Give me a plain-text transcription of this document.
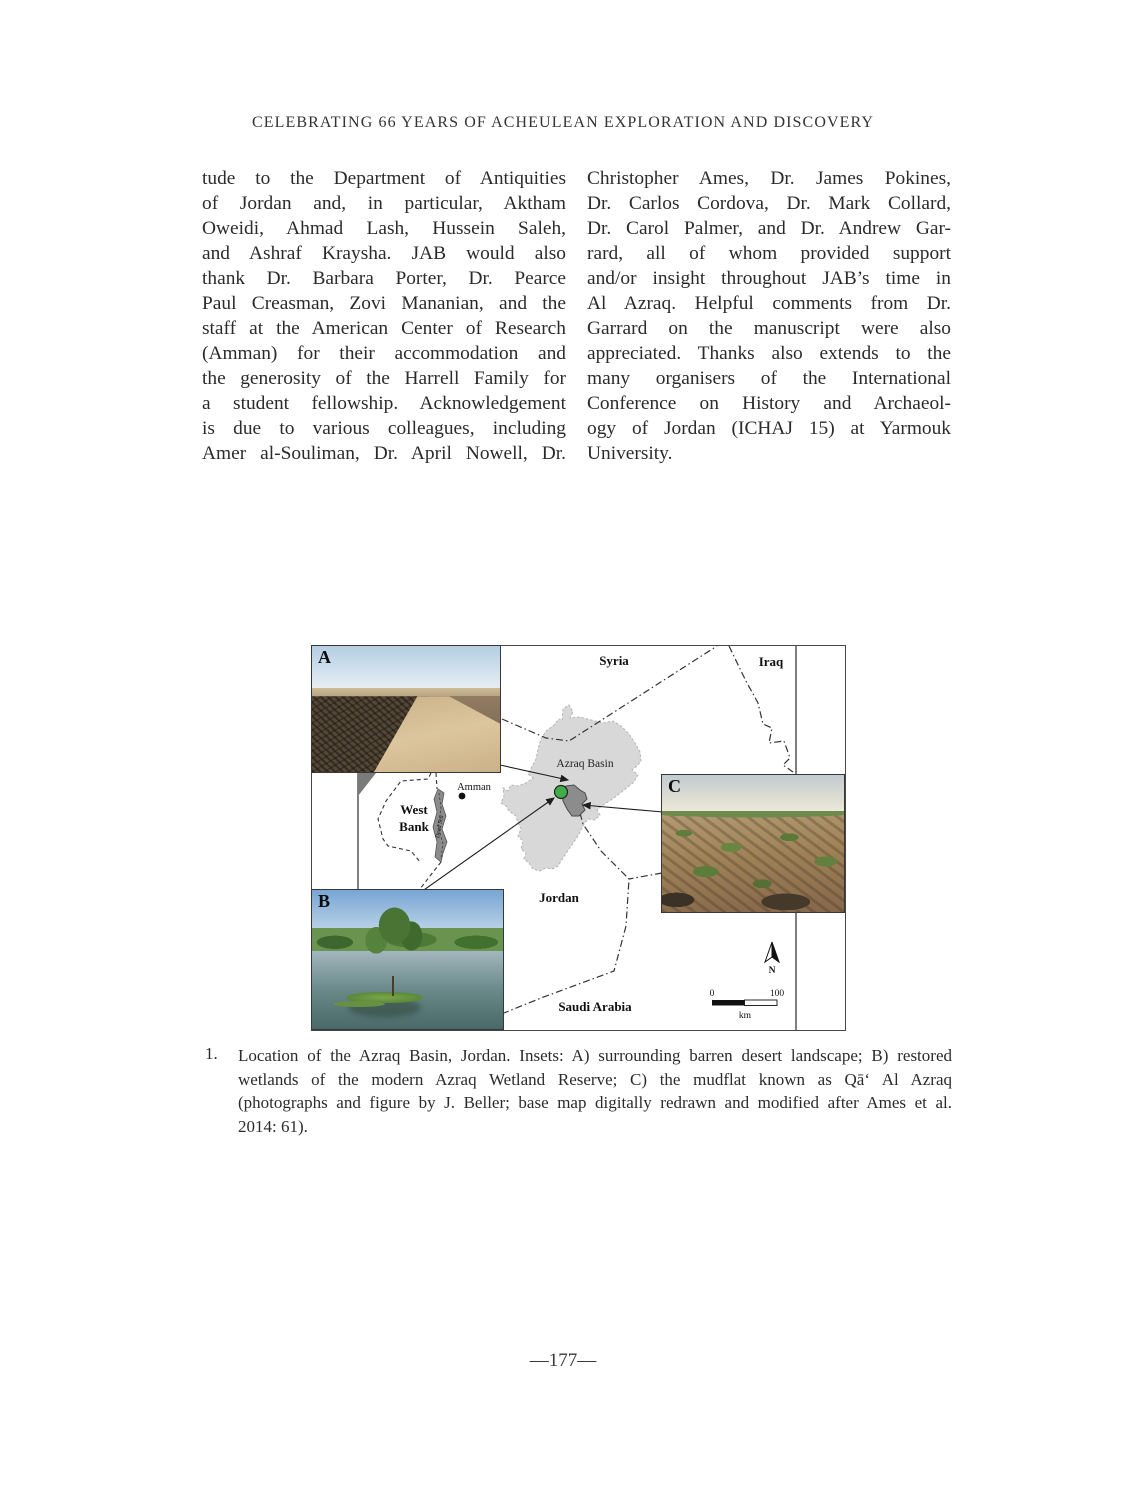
CELEBRATING 66 YEARS OF ACHEULEAN EXPLORATION AND DISCOVERY
tude to the Department of Antiquities
of Jordan and, in particular, Aktham
Oweidi, Ahmad Lash, Hussein Saleh,
and Ashraf Kraysha. JAB would also
thank Dr. Barbara Porter, Dr. Pearce
Paul Creasman, Zovi Mananian, and the
staff at the American Center of Research
(Amman) for their accommodation and
the generosity of the Harrell Family for
a student fellowship. Acknowledgement
is due to various colleagues, including
Amer al-Souliman, Dr. April Nowell, Dr.
Christopher Ames, Dr. James Pokines,
Dr. Carlos Cordova, Dr. Mark Collard,
Dr. Carol Palmer, and Dr. Andrew Gar-
rard, all of whom provided support
and/or insight throughout JAB’s time in
Al Azraq. Helpful comments from Dr.
Garrard on the manuscript were also
appreciated. Thanks also extends to the
many organisers of the International
Conference on History and Archaeol-
ogy of Jordan (ICHAJ 15) at Yarmouk
University.
Syria	Iraq
Jordan
Saudi Arabia
West
Bank
Azraq Basin
Amman
Dead Sea
N
0	100
km
A
B
C
1. Location of the Azraq Basin, Jordan. Insets: A) surrounding barren desert landscape; B) restored
wetlands of the modern Azraq Wetland Reserve; C) the mudflat known as Qāʻ Al Azraq
(photographs and figure by J. Beller; base map digitally redrawn and modified after Ames et al.
2014: 61).
—177—
